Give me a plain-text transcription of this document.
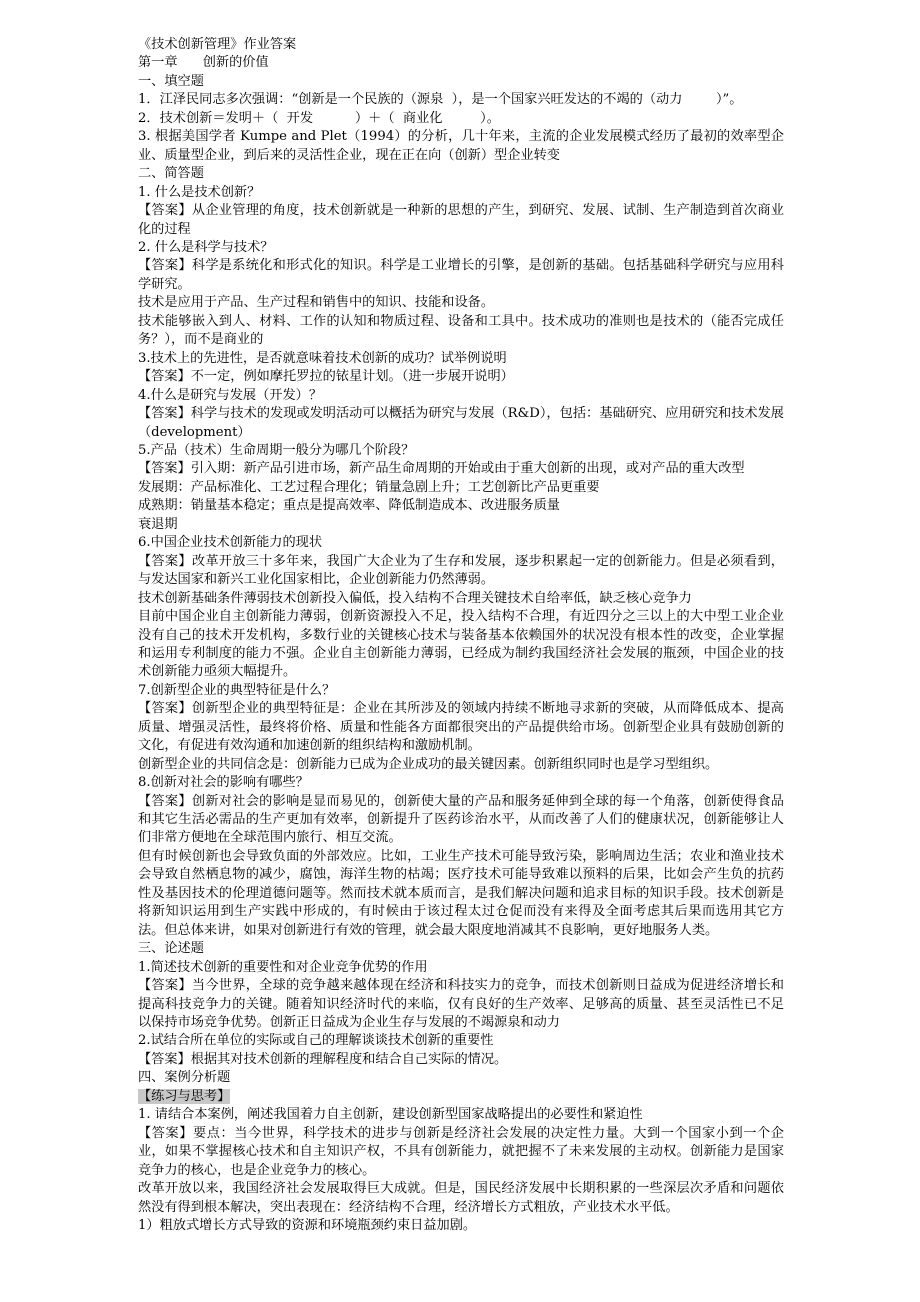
《技术创新管理》作业答案
第一章      创新的价值
一、填空题
1．江泽民同志多次强调：“创新是一个民族的（源泉  ），是一个国家兴旺发达的不竭的（动力        ）”。
2．技术创新＝发明＋（  开发          ）＋（  商业化         ）。
3. 根据美国学者 Kumpe and Plet（1994）的分析，几十年来，主流的企业发展模式经历了最初的效率型企业、质量型企业，到后来的灵活性企业，现在正在向（创新）型企业转变
二、简答题
1. 什么是技术创新？
【答案】从企业管理的角度，技术创新就是一种新的思想的产生，到研究、发展、试制、生产制造到首次商业化的过程
2. 什么是科学与技术？
【答案】科学是系统化和形式化的知识。科学是工业增长的引擎，是创新的基础。包括基础科学研究与应用科学研究。
技术是应用于产品、生产过程和销售中的知识、技能和设备。
技术能够嵌入到人、材料、工作的认知和物质过程、设备和工具中。技术成功的准则也是技术的（能否完成任务？），而不是商业的
3.技术上的先进性，是否就意味着技术创新的成功？试举例说明
【答案】不一定，例如摩托罗拉的铱星计划。（进一步展开说明）
4.什么是研究与发展（开发）？
【答案】科学与技术的发现或发明活动可以概括为研究与发展（R&D），包括：基础研究、应用研究和技术发展（development）
5.产品（技术）生命周期一般分为哪几个阶段？
【答案】引入期：新产品引进市场，新产品生命周期的开始或由于重大创新的出现，或对产品的重大改型
发展期：产品标准化、工艺过程合理化；销量急剧上升；工艺创新比产品更重要
成熟期：销量基本稳定；重点是提高效率、降低制造成本、改进服务质量
衰退期
6.中国企业技术创新能力的现状
【答案】改革开放三十多年来，我国广大企业为了生存和发展，逐步积累起一定的创新能力。但是必须看到，与发达国家和新兴工业化国家相比，企业创新能力仍然薄弱。
技术创新基础条件薄弱技术创新投入偏低，投入结构不合理关键技术自给率低，缺乏核心竞争力
目前中国企业自主创新能力薄弱，创新资源投入不足，投入结构不合理，有近四分之三以上的大中型工业企业没有自己的技术开发机构，多数行业的关键核心技术与装备基本依赖国外的状况没有根本性的改变，企业掌握和运用专利制度的能力不强。企业自主创新能力薄弱，已经成为制约我国经济社会发展的瓶颈，中国企业的技术创新能力亟须大幅提升。
7.创新型企业的典型特征是什么？
【答案】创新型企业的典型特征是：企业在其所涉及的领域内持续不断地寻求新的突破，从而降低成本、提高质量、增强灵活性，最终将价格、质量和性能各方面都很突出的产品提供给市场。创新型企业具有鼓励创新的文化，有促进有效沟通和加速创新的组织结构和激励机制。
创新型企业的共同信念是：创新能力已成为企业成功的最关键因素。创新组织同时也是学习型组织。
8.创新对社会的影响有哪些？
【答案】创新对社会的影响是显而易见的，创新使大量的产品和服务延伸到全球的每一个角落，创新使得食品和其它生活必需品的生产更加有效率，创新提升了医药诊治水平，从而改善了人们的健康状况，创新能够让人们非常方便地在全球范围内旅行、相互交流。
但有时候创新也会导致负面的外部效应。比如，工业生产技术可能导致污染，影响周边生活；农业和渔业技术会导致自然栖息物的减少，腐蚀，海洋生物的枯竭；医疗技术可能导致难以预料的后果，比如会产生负的抗药性及基因技术的伦理道德问题等。然而技术就本质而言，是我们解决问题和追求目标的知识手段。技术创新是将新知识运用到生产实践中形成的，有时候由于该过程太过仓促而没有来得及全面考虑其后果而选用其它方法。但总体来讲，如果对创新进行有效的管理，就会最大限度地消减其不良影响，更好地服务人类。
三、论述题
1.简述技术创新的重要性和对企业竞争优势的作用
【答案】当今世界，全球的竞争越来越体现在经济和科技实力的竞争，而技术创新则日益成为促进经济增长和提高科技竞争力的关键。随着知识经济时代的来临，仅有良好的生产效率、足够高的质量、甚至灵活性已不足以保持市场竞争优势。创新正日益成为企业生存与发展的不竭源泉和动力
2.试结合所在单位的实际或自己的理解谈谈技术创新的重要性
【答案】根据其对技术创新的理解程度和结合自己实际的情况。
四、案例分析题
【练习与思考】
1. 请结合本案例，阐述我国着力自主创新，建设创新型国家战略提出的必要性和紧迫性
【答案】要点：当今世界，科学技术的进步与创新是经济社会发展的决定性力量。大到一个国家小到一个企业，如果不掌握核心技术和自主知识产权，不具有创新能力，就把握不了未来发展的主动权。创新能力是国家竞争力的核心，也是企业竞争力的核心。
改革开放以来，我国经济社会发展取得巨大成就。但是，国民经济发展中长期积累的一些深层次矛盾和问题依然没有得到根本解决，突出表现在：经济结构不合理，经济增长方式粗放，产业技术水平低。
1）粗放式增长方式导致的资源和环境瓶颈约束日益加剧。
